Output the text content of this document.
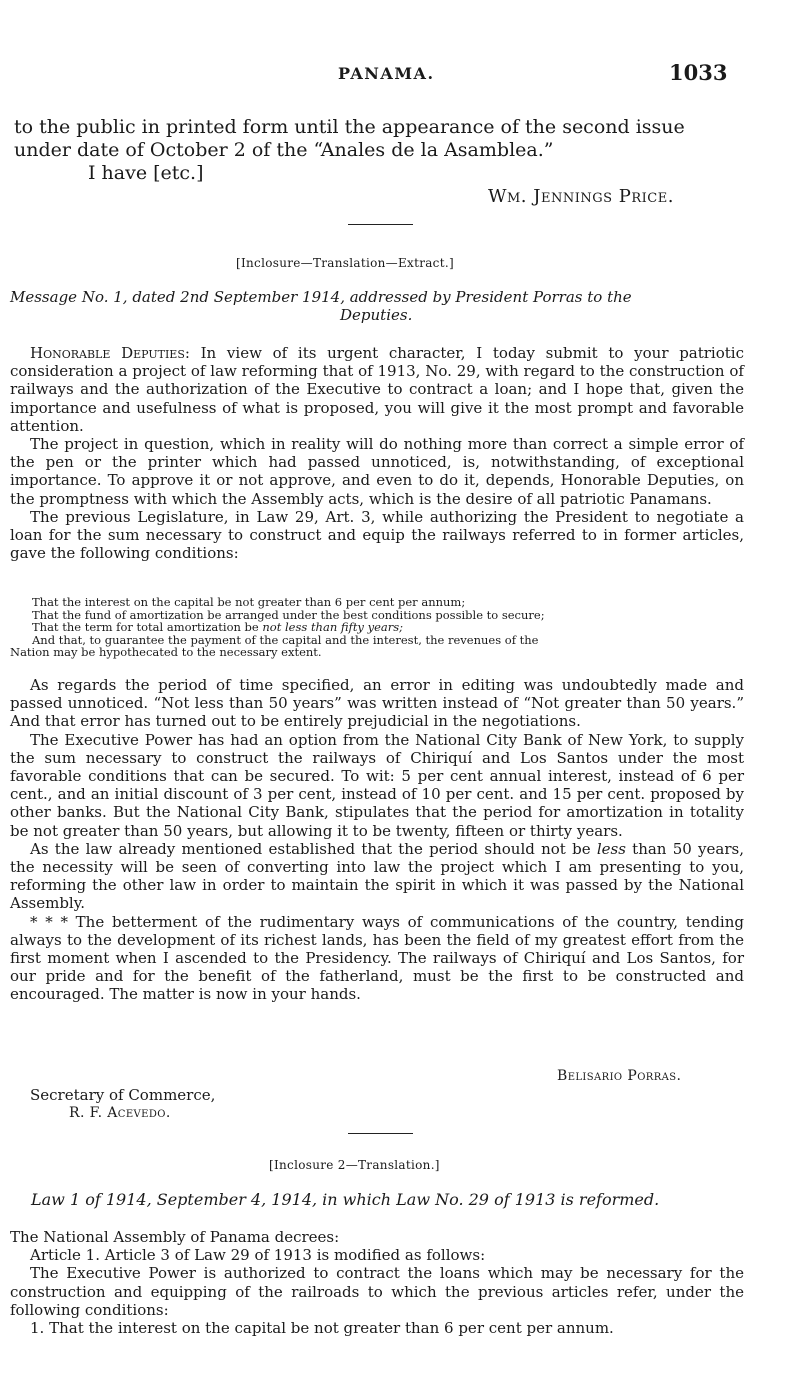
PANAMA.	1033
to the public in printed form until the appearance of the second issue
under date of October 2 of the “Anales de la Asamblea.”
I have [etc.]
Wm. Jennings Price.
[Inclosure—Translation—Extract.]
Message No. 1, dated 2nd September 1914, addressed by President Porras to the
Deputies.

Honorable Deputies: In view of its urgent character, I today submit to your patriotic consideration a project of law reforming that of 1913, No. 29, with regard to the construction of railways and the authorization of the Executive to contract a loan; and I hope that, given the importance and usefulness of what is proposed, you will give it the most prompt and favorable attention.

The project in question, which in reality will do nothing more than correct a simple error of the pen or the printer which had passed unnoticed, is, notwithstanding, of exceptional importance. To approve it or not approve, and even to do it, depends, Honorable Deputies, on the promptness with which the Assembly acts, which is the desire of all patriotic Panamans.

The previous Legislature, in Law 29, Art. 3, while authorizing the President to negotiate a loan for the sum necessary to construct and equip the railways referred to in former articles, gave the following conditions:

That the interest on the capital be not greater than 6 per cent per annum;
That the fund of amortization be arranged under the best conditions possible to secure;
That the term for total amortization be not less than fifty years;
And that, to guarantee the payment of the capital and the interest, the revenues of the
Nation may be hypothecated to the necessary extent.

As regards the period of time specified, an error in editing was undoubtedly made and passed unnoticed. “Not less than 50 years” was written instead of “Not greater than 50 years.” And that error has turned out to be entirely prejudicial in the negotiations.

The Executive Power has had an option from the National City Bank of New York, to supply the sum necessary to construct the railways of Chiriquí and Los Santos under the most favorable conditions that can be secured. To wit: 5 per cent annual interest, instead of 6 per cent., and an initial discount of 3 per cent, instead of 10 per cent. and 15 per cent. proposed by other banks. But the National City Bank, stipulates that the period for amortization in totality be not greater than 50 years, but allowing it to be twenty, fifteen or thirty years.

As the law already mentioned established that the period should not be less than 50 years, the necessity will be seen of converting into law the project which I am presenting to you, reforming the other law in order to maintain the spirit in which it was passed by the National Assembly.

* * * The betterment of the rudimentary ways of communications of the country, tending always to the development of its richest lands, has been the field of my greatest effort from the first moment when I ascended to the Presidency. The railways of Chiriquí and Los Santos, for our pride and for the benefit of the fatherland, must be the first to be constructed and encouraged. The matter is now in your hands.

Belisario Porras.
Secretary of Commerce,
R. F. Acevedo.
[Inclosure 2—Translation.]
Law 1 of 1914, September 4, 1914, in which Law No. 29 of 1913 is reformed.

The National Assembly of Panama decrees:

Article 1. Article 3 of Law 29 of 1913 is modified as follows:

The Executive Power is authorized to contract the loans which may be necessary for the construction and equipping of the railroads to which the previous articles refer, under the following conditions:

1. That the interest on the capital be not greater than 6 per cent per annum.
